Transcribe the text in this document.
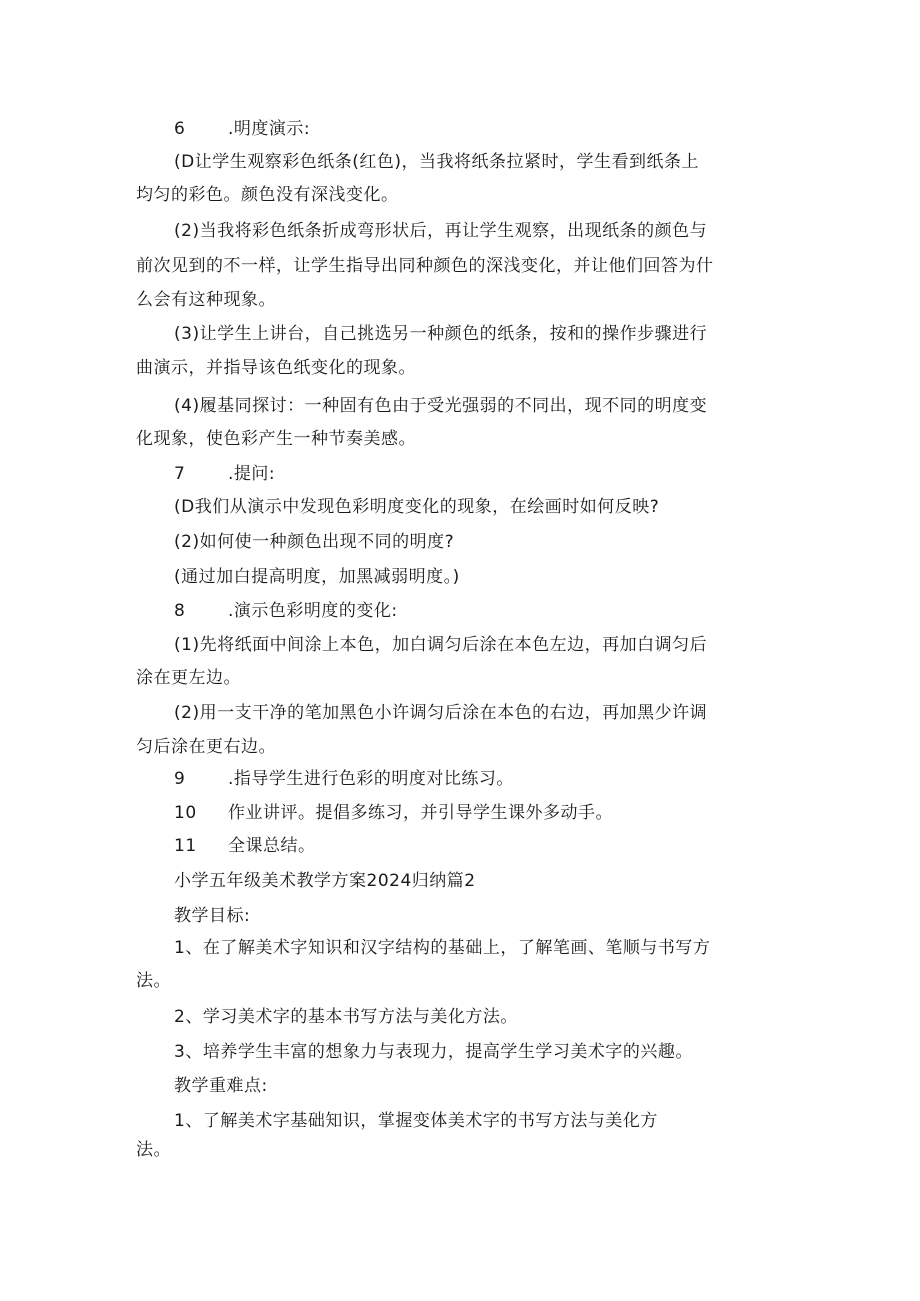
6	.明度演示:
(D让学生观察彩色纸条(红色)，当我将纸条拉紧时，学生看到纸条上
均匀的彩色。颜色没有深浅变化。
(2)当我将彩色纸条折成弯形状后，再让学生观察，出现纸条的颜色与
前次见到的不一样，让学生指导出同种颜色的深浅变化，并让他们回答为什
么会有这种现象。
(3)让学生上讲台，自己挑选另一种颜色的纸条，按和的操作步骤进行
曲演示，并指导该色纸变化的现象。
(4)履基同探讨：一种固有色由于受光强弱的不同出，现不同的明度变
化现象，使色彩产生一种节奏美感。
7	.提问:
(D我们从演示中发现色彩明度变化的现象，在绘画时如何反映?
(2)如何使一种颜色出现不同的明度?
(通过加白提高明度，加黑减弱明度。)
8	.演示色彩明度的变化:
(1)先将纸面中间涂上本色，加白调匀后涂在本色左边，再加白调匀后
涂在更左边。
(2)用一支干净的笔加黑色小许调匀后涂在本色的右边，再加黑少许调
匀后涂在更右边。
9	.指导学生进行色彩的明度对比练习。
10 作业讲评。提倡多练习，并引导学生课外多动手。
11 全课总结。
小学五年级美术教学方案2024归纳篇2
教学目标:
1、在了解美术字知识和汉字结构的基础上，了解笔画、笔顺与书写方
法。
2、学习美术字的基本书写方法与美化方法。
3、培养学生丰富的想象力与表现力，提高学生学习美术字的兴趣。
教学重难点:
1、了解美术字基础知识，掌握变体美术字的书写方法与美化方
法。
